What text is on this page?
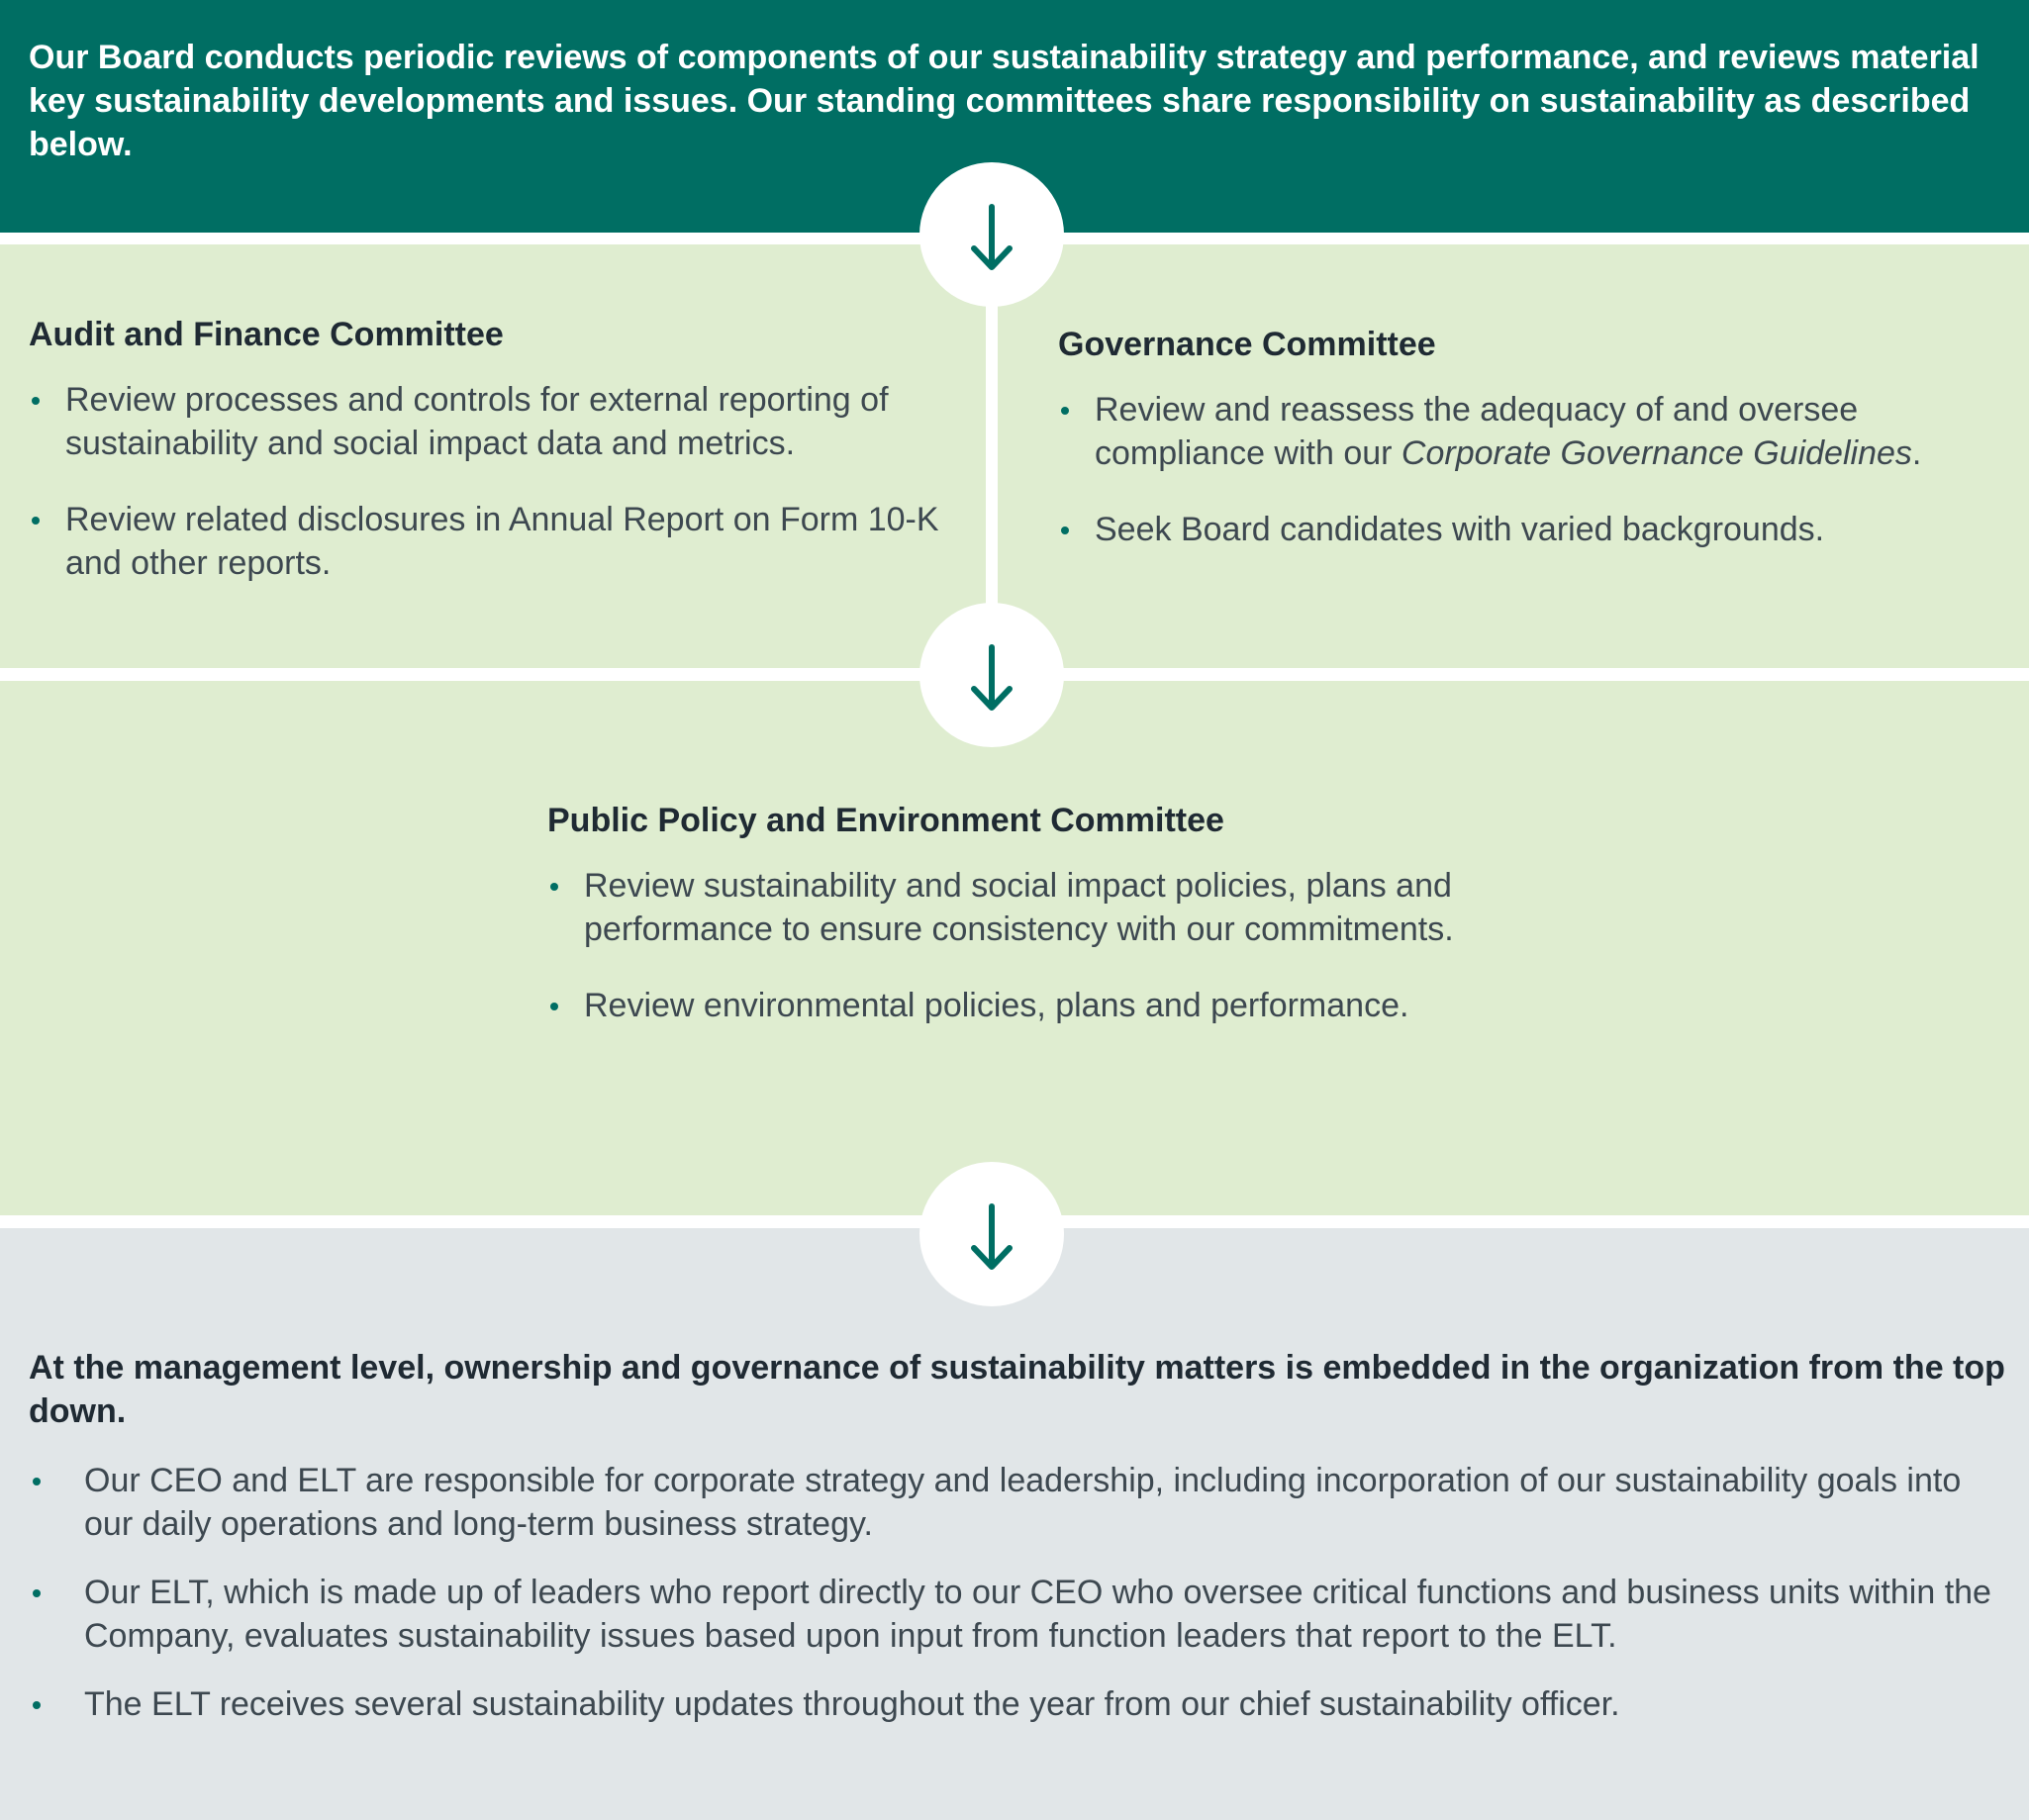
Our Board conducts periodic reviews of components of our sustainability strategy and performance, and reviews material key sustainability developments and issues. Our standing committees share responsibility on sustainability as described below.

Audit and Finance Committee
Review processes and controls for external reporting of sustainability and social impact data and metrics.
Review related disclosures in Annual Report on Form 10-K and other reports.
Governance Committee
Review and reassess the adequacy of and oversee compliance with our Corporate Governance Guidelines.
Seek Board candidates with varied backgrounds.
Public Policy and Environment Committee
Review sustainability and social impact policies, plans and performance to ensure consistency with our commitments.
Review environmental policies, plans and performance.
At the management level, ownership and governance of sustainability matters is embedded in the organization from the top down.
Our CEO and ELT are responsible for corporate strategy and leadership, including incorporation of our sustainability goals into our daily operations and long-term business strategy.
Our ELT, which is made up of leaders who report directly to our CEO who oversee critical functions and business units within the Company, evaluates sustainability issues based upon input from function leaders that report to the ELT.
The ELT receives several sustainability updates throughout the year from our chief sustainability officer.
